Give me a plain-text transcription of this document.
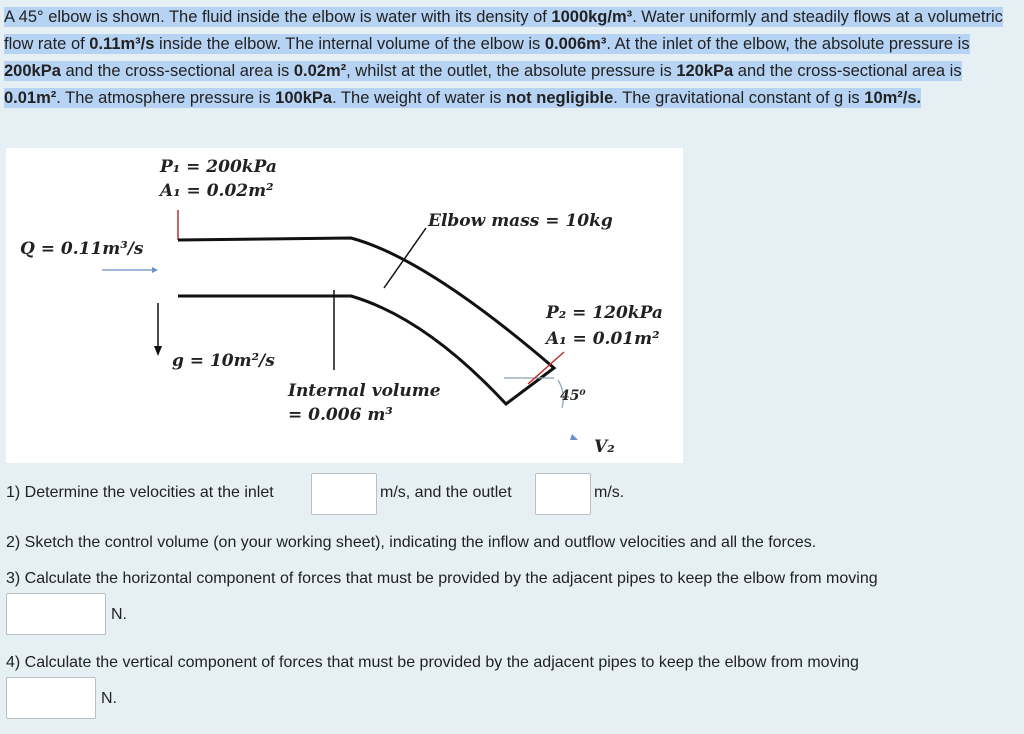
A 45° elbow is shown. The fluid inside the elbow is water with its density of 1000kg/m³. Water uniformly and steadily flows at a volumetric flow rate of 0.11m³/s inside the elbow. The internal volume of the elbow is 0.006m³. At the inlet of the elbow, the absolute pressure is 200kPa and the cross-sectional area is 0.02m², whilst at the outlet, the absolute pressure is 120kPa and the cross-sectional area is 0.01m². The atmosphere pressure is 100kPa. The weight of water is not negligible. The gravitational constant of g is 10m²/s.
P₁ = 200kPa
A₁ = 0.02m²
Elbow mass = 10kg
Q = 0.11m³/s
P₂ = 120kPa
A₁ = 0.01m²
g = 10m²/s
Internal volume
= 0.006 m³
45⁰
V₂
1) Determine the velocities at the inlet	m/s, and the outlet	m/s.
2) Sketch the control volume (on your working sheet), indicating the inflow and outflow velocities and all the forces.
3) Calculate the horizontal component of forces that must be provided by the adjacent pipes to keep the elbow from moving
N.
4) Calculate the vertical component of forces that must be provided by the adjacent pipes to keep the elbow from moving
N.
